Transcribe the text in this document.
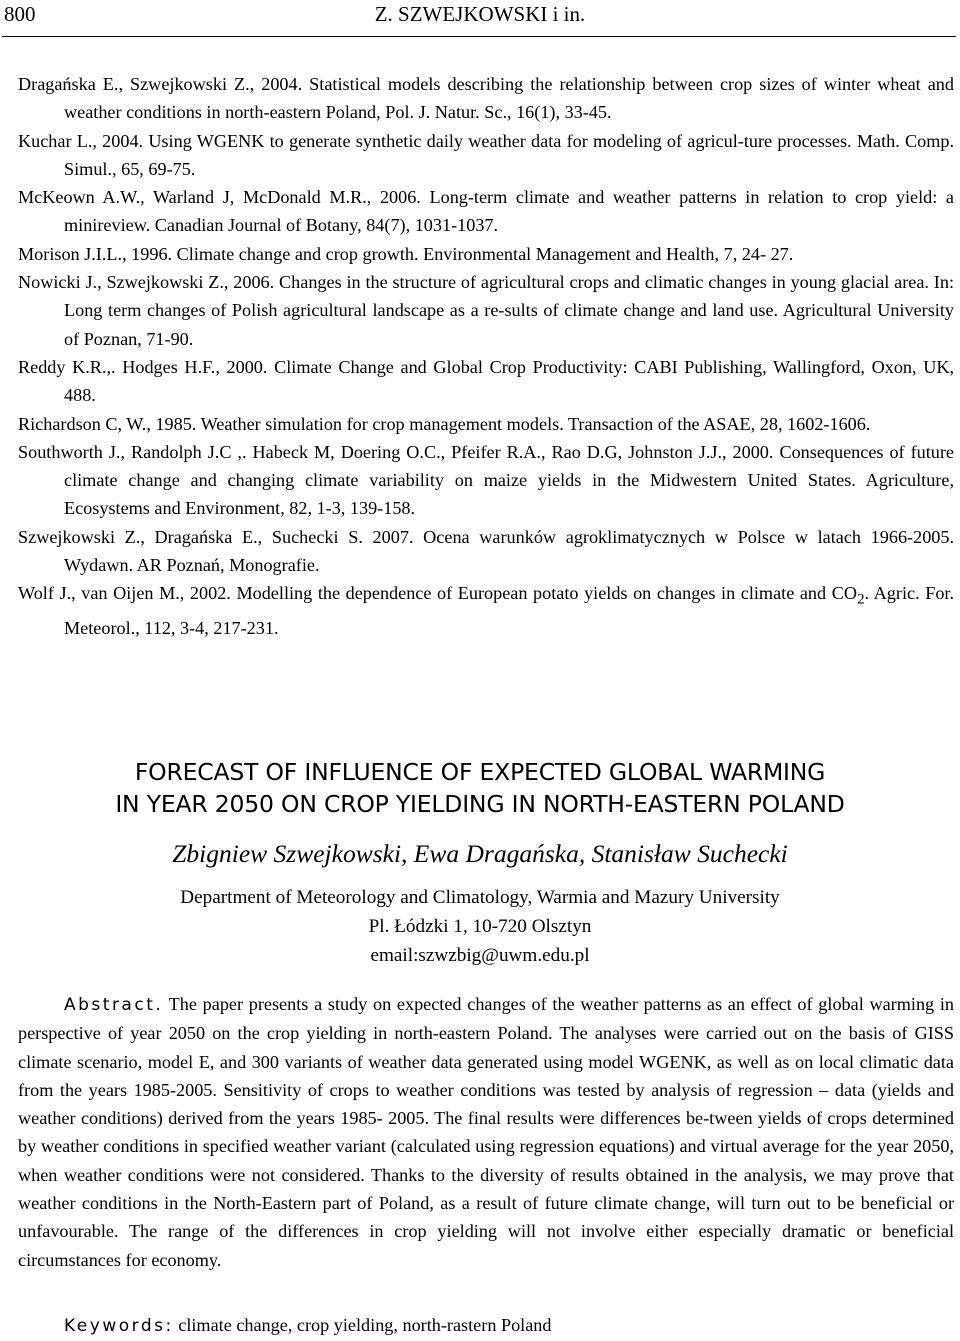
800	Z. SZWEJKOWSKI i in.

Dragańska E., Szwejkowski Z., 2004. Statistical models describing the relationship between crop sizes of winter wheat and weather conditions in north-eastern Poland, Pol. J. Natur. Sc., 16(1), 33-45.

Kuchar L., 2004. Using WGENK to generate synthetic daily weather data for modeling of agricul-ture processes. Math. Comp. Simul., 65, 69-75.

McKeown A.W., Warland J, McDonald M.R., 2006. Long-term climate and weather patterns in relation to crop yield: a minireview. Canadian Journal of Botany, 84(7), 1031-1037.

Morison J.I.L., 1996. Climate change and crop growth. Environmental Management and Health, 7, 24- 27.

Nowicki J., Szwejkowski Z., 2006. Changes in the structure of agricultural crops and climatic changes in young glacial area. In: Long term changes of Polish agricultural landscape as a re-sults of climate change and land use. Agricultural University of Poznan, 71-90.

Reddy K.R.,. Hodges H.F., 2000. Climate Change and Global Crop Productivity: CABI Publishing, Wallingford, Oxon, UK, 488.

Richardson C, W., 1985. Weather simulation for crop management models. Transaction of the ASAE, 28, 1602-1606.

Southworth J., Randolph J.C ,. Habeck M, Doering O.C., Pfeifer R.A., Rao D.G, Johnston J.J., 2000. Consequences of future climate change and changing climate variability on maize yields in the Midwestern United States. Agriculture, Ecosystems and Environment, 82, 1-3, 139-158.

Szwejkowski Z., Dragańska E., Suchecki S. 2007. Ocena warunków agroklimatycznych w Polsce w latach 1966-2005. Wydawn. AR Poznań, Monografie.

Wolf J., van Oijen M., 2002. Modelling the dependence of European potato yields on changes in climate and $CO_2$. Agric. For. Meteorol., 112, 3-4, 217-231.

FORECAST OF INFLUENCE OF EXPECTED GLOBAL WARMING
IN YEAR 2050 ON CROP YIELDING IN NORTH-EASTERN POLAND
Zbigniew Szwejkowski, Ewa Dragańska, Stanisław Suchecki
Department of Meteorology and Climatology, Warmia and Mazury University
Pl. Łódzki 1, 10-720 Olsztyn
email:szwzbig@uwm.edu.pl

Abstract. The paper presents a study on expected changes of the weather patterns as an effect of global warming in perspective of year 2050 on the crop yielding in north-eastern Poland. The analyses were carried out on the basis of GISS climate scenario, model E, and 300 variants of weather data generated using model WGENK, as well as on local climatic data from the years 1985-2005. Sensitivity of crops to weather conditions was tested by analysis of regression – data (yields and weather conditions) derived from the years 1985- 2005. The final results were differences be-tween yields of crops determined by weather conditions in specified weather variant (calculated using regression equations) and virtual average for the year 2050, when weather conditions were not considered. Thanks to the diversity of results obtained in the analysis, we may prove that weather conditions in the North-Eastern part of Poland, as a result of future climate change, will turn out to be beneficial or unfavourable. The range of the differences in crop yielding will not involve either especially dramatic or beneficial circumstances for economy.

Keywords: climate change, crop yielding, north-rastern Poland
